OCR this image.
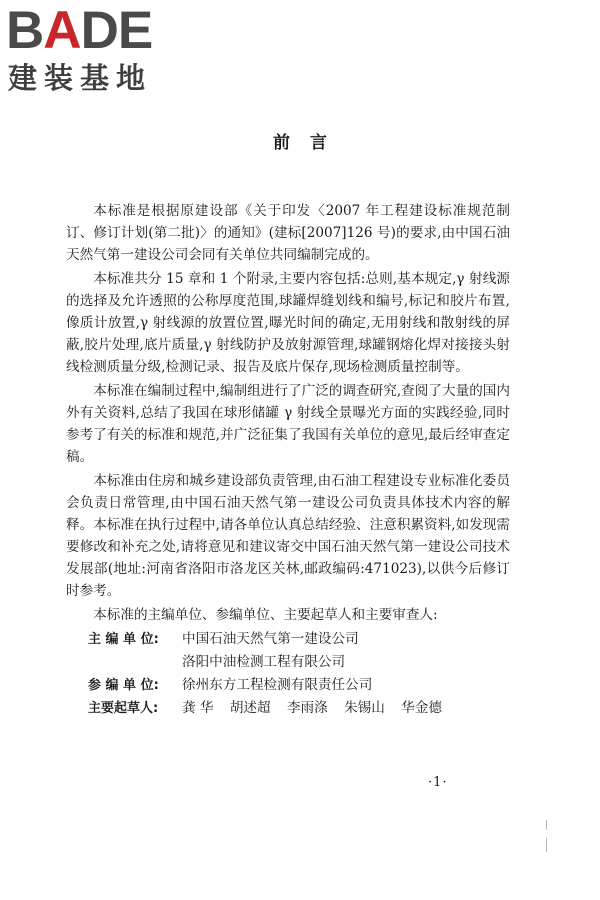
BADE
建装基地
前言

本标准是根据原建设部《关于印发〈2007 年工程建设标准规范制订、修订计划(第二批)〉的通知》(建标[2007]126 号)的要求,由中国石油天然气第一建设公司会同有关单位共同编制完成的。

本标准共分 15 章和 1 个附录,主要内容包括:总则,基本规定,γ 射线源的选择及允许透照的公称厚度范围,球罐焊缝划线和编号,标记和胶片布置,像质计放置,γ 射线源的放置位置,曝光时间的确定,无用射线和散射线的屏蔽,胶片处理,底片质量,γ 射线防护及放射源管理,球罐钢熔化焊对接接头射线检测质量分级,检测记录、报告及底片保存,现场检测质量控制等。

本标准在编制过程中,编制组进行了广泛的调查研究,查阅了大量的国内外有关资料,总结了我国在球形储罐 γ 射线全景曝光方面的实践经验,同时参考了有关的标准和规范,并广泛征集了我国有关单位的意见,最后经审查定稿。

本标准由住房和城乡建设部负责管理,由石油工程建设专业标准化委员会负责日常管理,由中国石油天然气第一建设公司负责具体技术内容的解释。本标准在执行过程中,请各单位认真总结经验、注意积累资料,如发现需要修改和补充之处,请将意见和建议寄交中国石油天然气第一建设公司技术发展部(地址:河南省洛阳市洛龙区关林,邮政编码:471023),以供今后修订时参考。

本标准的主编单位、参编单位、主要起草人和主要审查人:

主 编 单 位:	中国石油天然气第一建设公司
洛阳中油检测工程有限公司
参 编 单 位:	徐州东方工程检测有限责任公司
主要起草人:	龚 华 胡述超 李雨涤 朱锡山 华金德
·1·
